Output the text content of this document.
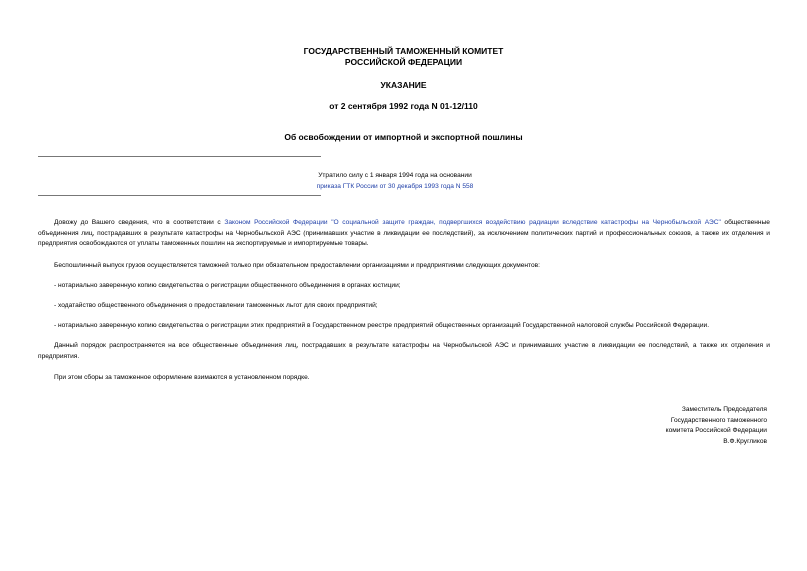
ГОСУДАРСТВЕННЫЙ ТАМОЖЕННЫЙ КОМИТЕТ
РОССИЙСКОЙ ФЕДЕРАЦИИ
УКАЗАНИЕ
от 2 сентября 1992 года N 01-12/110
Об освобождении от импортной и экспортной пошлины
Утратило силу с 1 января 1994 года на основании
приказа ГТК России от 30 декабря 1993 года N 558
Довожу до Вашего сведения, что в соответствии с Законом Российской Федерации "О социальной защите граждан, подвергшихся воздействию радиации вследствие катастрофы на Чернобыльской АЭС" общественные объединения лиц, пострадавших в результате катастрофы на Чернобыльской АЭС (принимавших участие в ликвидации ее последствий), за исключением политических партий и профессиональных союзов, а также их отделения и предприятия освобождаются от уплаты таможенных пошлин на экспортируемые и импортируемые товары.
Беспошлинный выпуск грузов осуществляется таможней только при обязательном предоставлении организациями и предприятиями следующих документов:
- нотариально заверенную копию свидетельства о регистрации общественного объединения в органах юстиции;
- ходатайство общественного объединения о предоставлении таможенных льгот для своих предприятий;
- нотариально заверенную копию свидетельства о регистрации этих предприятий в Государственном реестре предприятий общественных организаций Государственной налоговой службы Российской Федерации.
Данный порядок распространяется на все общественные объединения лиц, пострадавших в результате катастрофы на Чернобыльской АЭС и принимавших участие в ликвидации ее последствий, а также их отделения и предприятия.
При этом сборы за таможенное оформление взимаются в установленном порядке.
Заместитель Председателя
Государственного таможенного
комитета Российской Федерации
В.Ф.Кругликов
